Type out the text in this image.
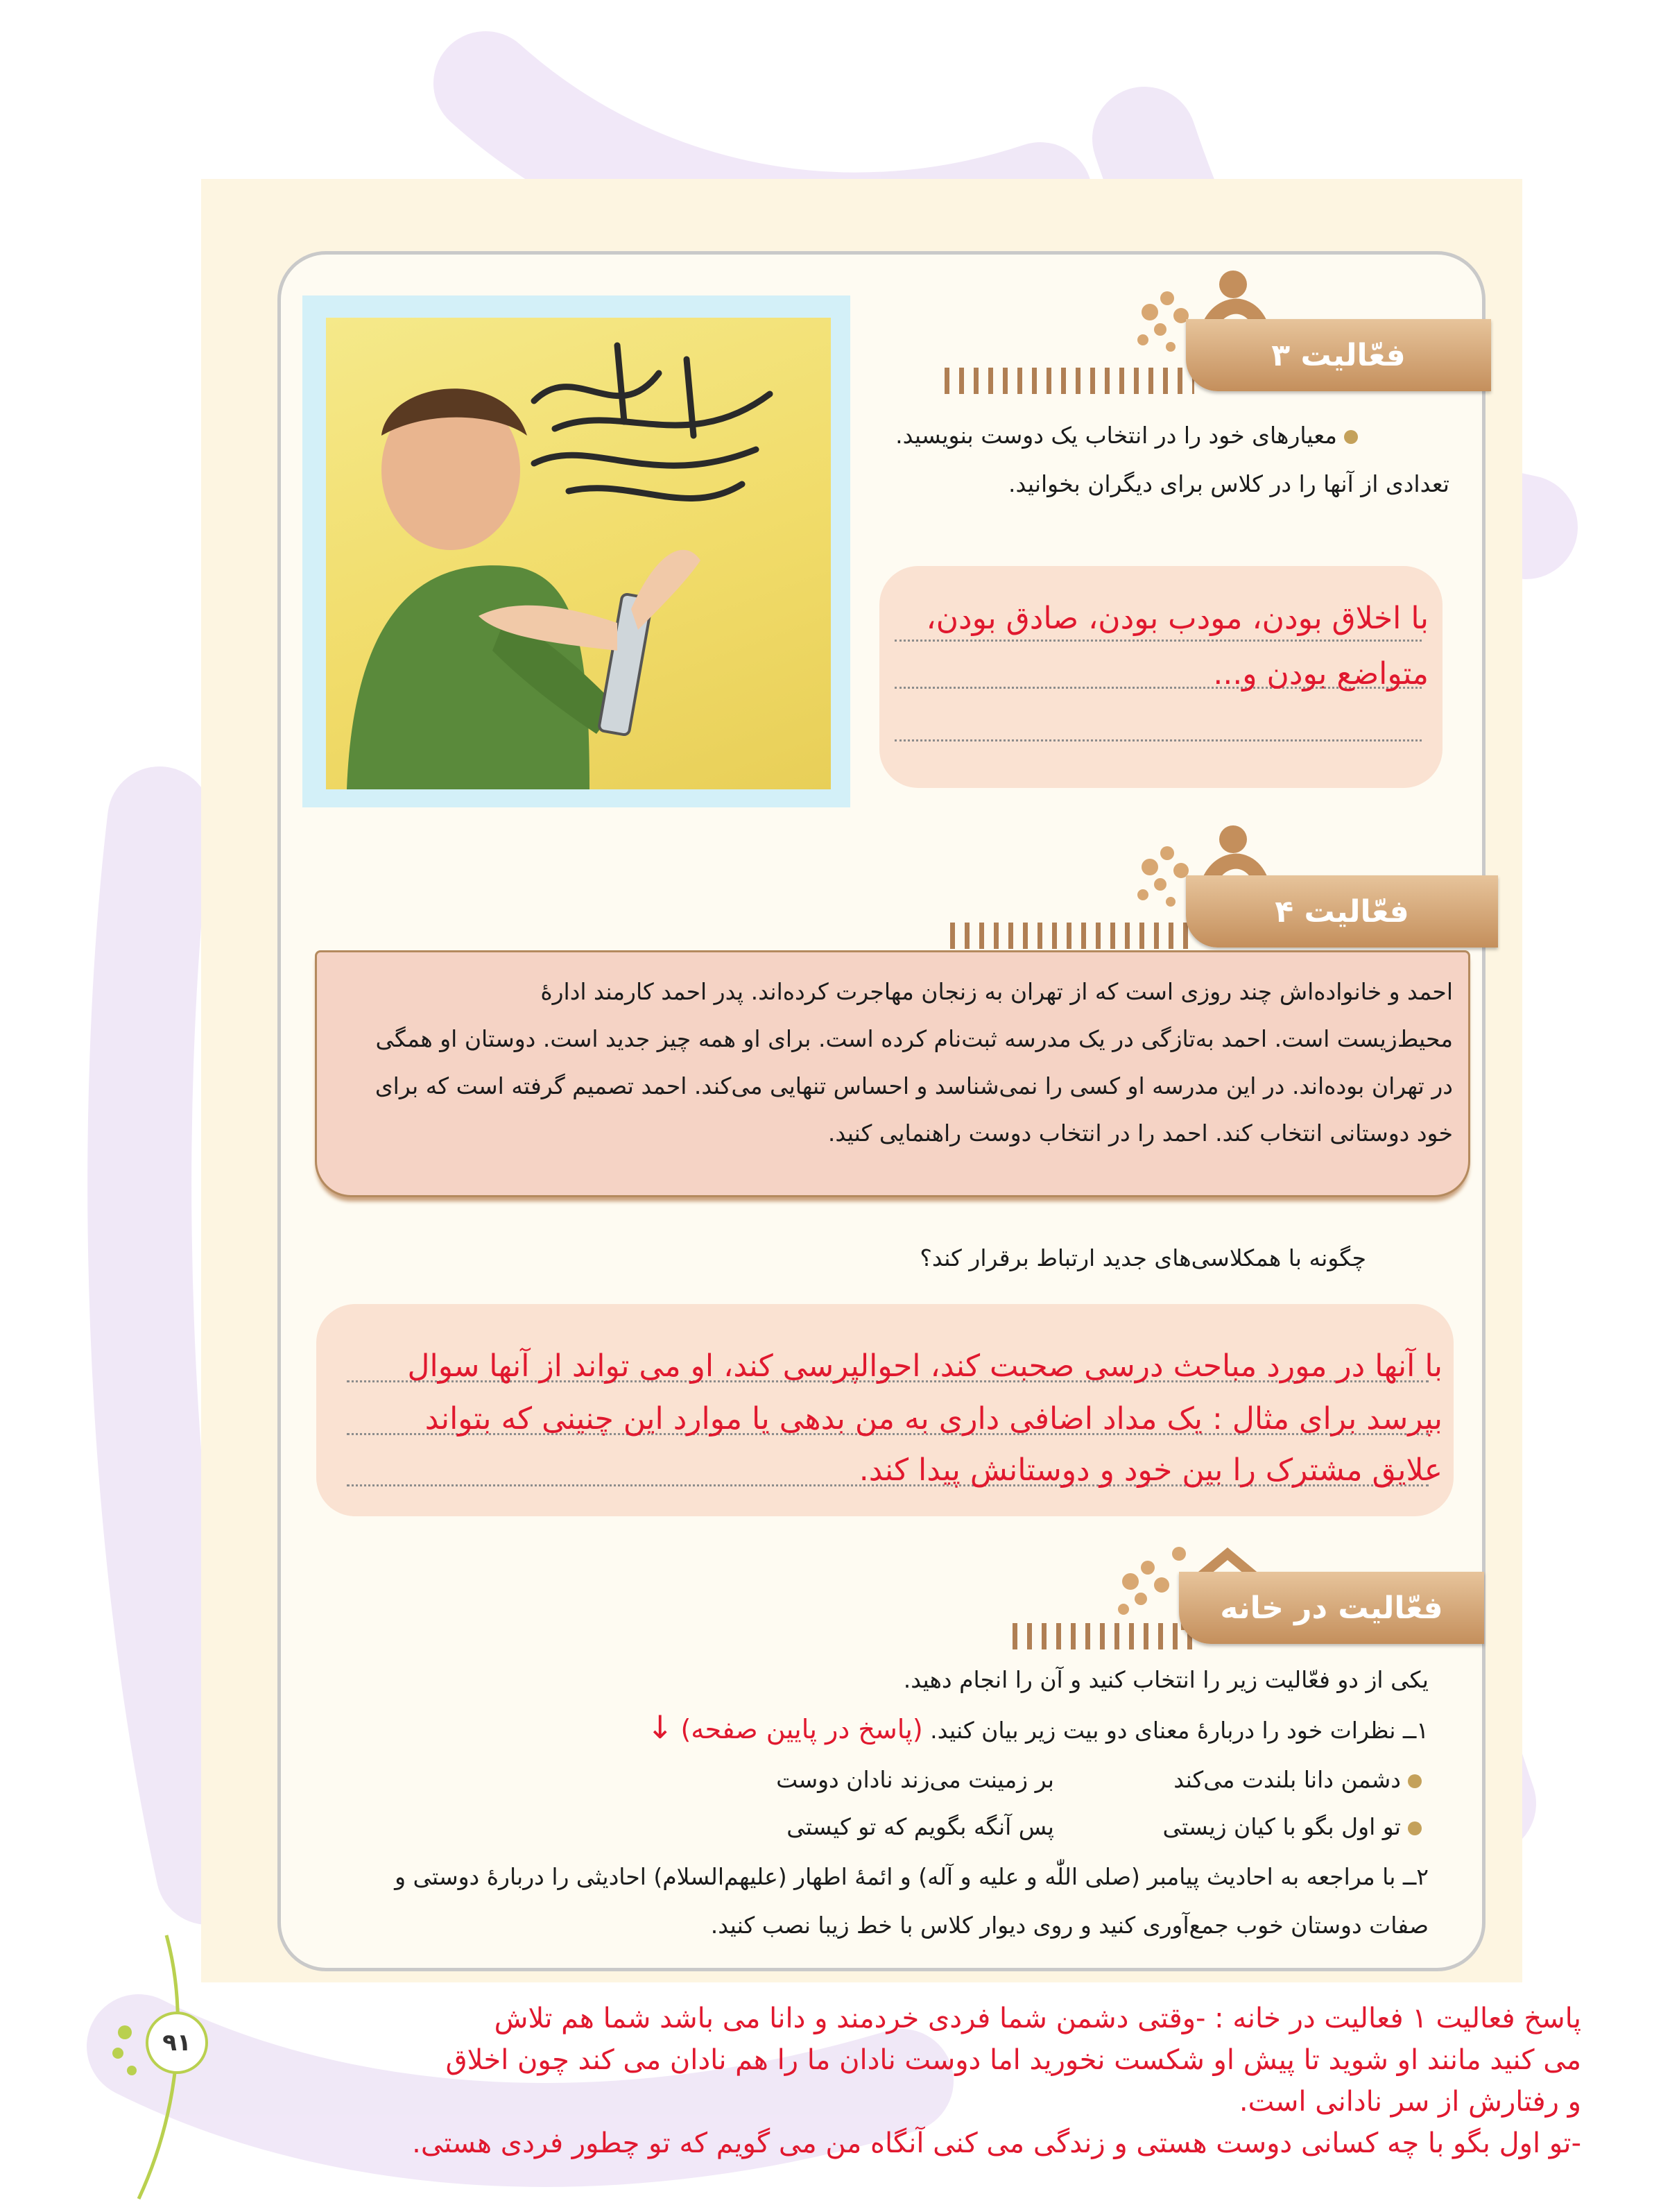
فعّالیت ۳
معیارهای خود را در انتخاب یک دوست بنویسید.
تعدادی از آنها را در کلاس برای دیگران بخوانید.
با اخلاق بودن، مودب بودن، صادق بودن،
متواضع بودن و...
فعّالیت ۴
احمد و خانواده‌اش چند روزی است که از تهران به زنجان مهاجرت کرده‌اند. پدر احمد کارمند ادارهٔ
محیط‌زیست است. احمد به‌تازگی در یک مدرسه ثبت‌نام کرده است. برای او همه چیز جدید است. دوستان او همگی
در تهران بوده‌اند. در این مدرسه او کسی را نمی‌شناسد و احساس تنهایی می‌کند. احمد تصمیم گرفته است که برای
خود دوستانی انتخاب کند. احمد را در انتخاب دوست راهنمایی کنید.
چگونه با همکلاسی‌های جدید ارتباط برقرار کند؟
با آنها در مورد مباحث درسی صحبت کند، احوالپرسی کند، او می تواند از آنها سوال
بپرسد برای مثال : یک مداد اضافی داری به من بدهی یا موارد این چنینی که بتواند
علایق مشترک را بین خود و دوستانش پیدا کند.
فعّالیت در خانه
یکی از دو فعّالیت زیر را انتخاب کنید و آن را انجام دهید.
۱ــ نظرات خود را دربارهٔ معنای دو بیت زیر بیان کنید. (پاسخ در پایین صفحه) ↓
دشمن دانا بلندت می‌کند
بر زمینت می‌زند نادان دوست
تو اول بگو با کیان زیستی
پس آنگه بگویم که تو کیستی
۲ــ با مراجعه به احادیث پیامبر (صلی اللّٰه و علیه و آله) و ائمهٔ اطهار (علیهم‌السلام) احادیثی را دربارهٔ دوستی و
صفات دوستان خوب جمع‌آوری کنید و روی دیوار کلاس با خط زیبا نصب کنید.
۹۱
پاسخ فعالیت ۱ فعالیت در خانه : -وقتی دشمن شما فردی خردمند و دانا می باشد شما هم تلاش
می کنید مانند او شوید تا پیش او شکست نخورید اما دوست نادان ما را هم نادان می کند چون اخلاق
و رفتارش از سر نادانی است.
-تو اول بگو با چه کسانی دوست هستی و زندگی می کنی آنگاه من می گویم که تو چطور فردی هستی.
